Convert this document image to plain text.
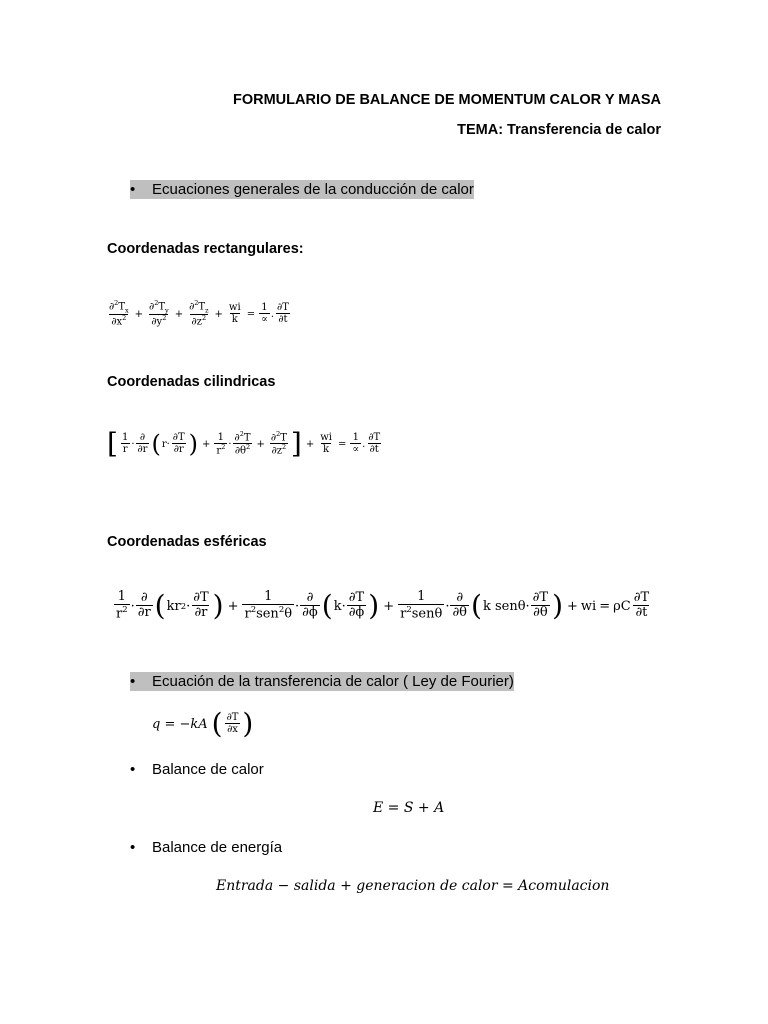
FORMULARIO DE BALANCE DE MOMENTUM CALOR Y MASA
TEMA: Transferencia de calor
•	Ecuaciones generales de la conducción de calor
Coordenadas rectangulares:
$\frac{\partial^2T_x}{\partial x^2} + \frac{\partial^2T_y}{\partial y^2} + \frac{\partial^2T_z}{\partial z^2} + \frac{wi}{k} = \frac{1}{\propto}$ . $\frac{\partial T}{\partial t}$
Coordenadas cilindricas
[ $\frac{1}{r} \cdot \frac{\partial}{\partial r}$ ( $r\cdot \frac{\partial T}{\partial r}$ ) + $\frac{1}{r^2} \cdot \frac{\partial^2T}{\partial\theta^2} + \frac{\partial^2T}{\partial z^2}$ ] + $\frac{wi}{k} = \frac{1}{\propto}$ . $\frac{\partial T}{\partial t}$
Coordenadas esféricas
$\frac{1}{r^2} \cdot \frac{\partial}{\partial r}$ ( kr $2 \cdot \frac{\partial T}{\partial r}$ ) + $\frac{1}{r^2sen^2\theta} \cdot \frac{\partial}{\partial\phi}$ ( $k\cdot \frac{\partial T}{\partial\phi}$ ) + $\frac{1}{r^2sen\theta} \cdot \frac{\partial}{\partial\theta}$ ( k $sen\theta\cdot \frac{\partial T}{\partial\theta}$ ) + wi = ρC $\frac{\partial T}{\partial t}$
•	Ecuación de la transferencia de calor ( Ley de Fourier)
q = −kA ( $\frac{\partial T}{\partial x}$ )
•	Balance de calor
E = S + A
•	Balance de energía
Entrada − salida + generacion de calor = Acomulacion
